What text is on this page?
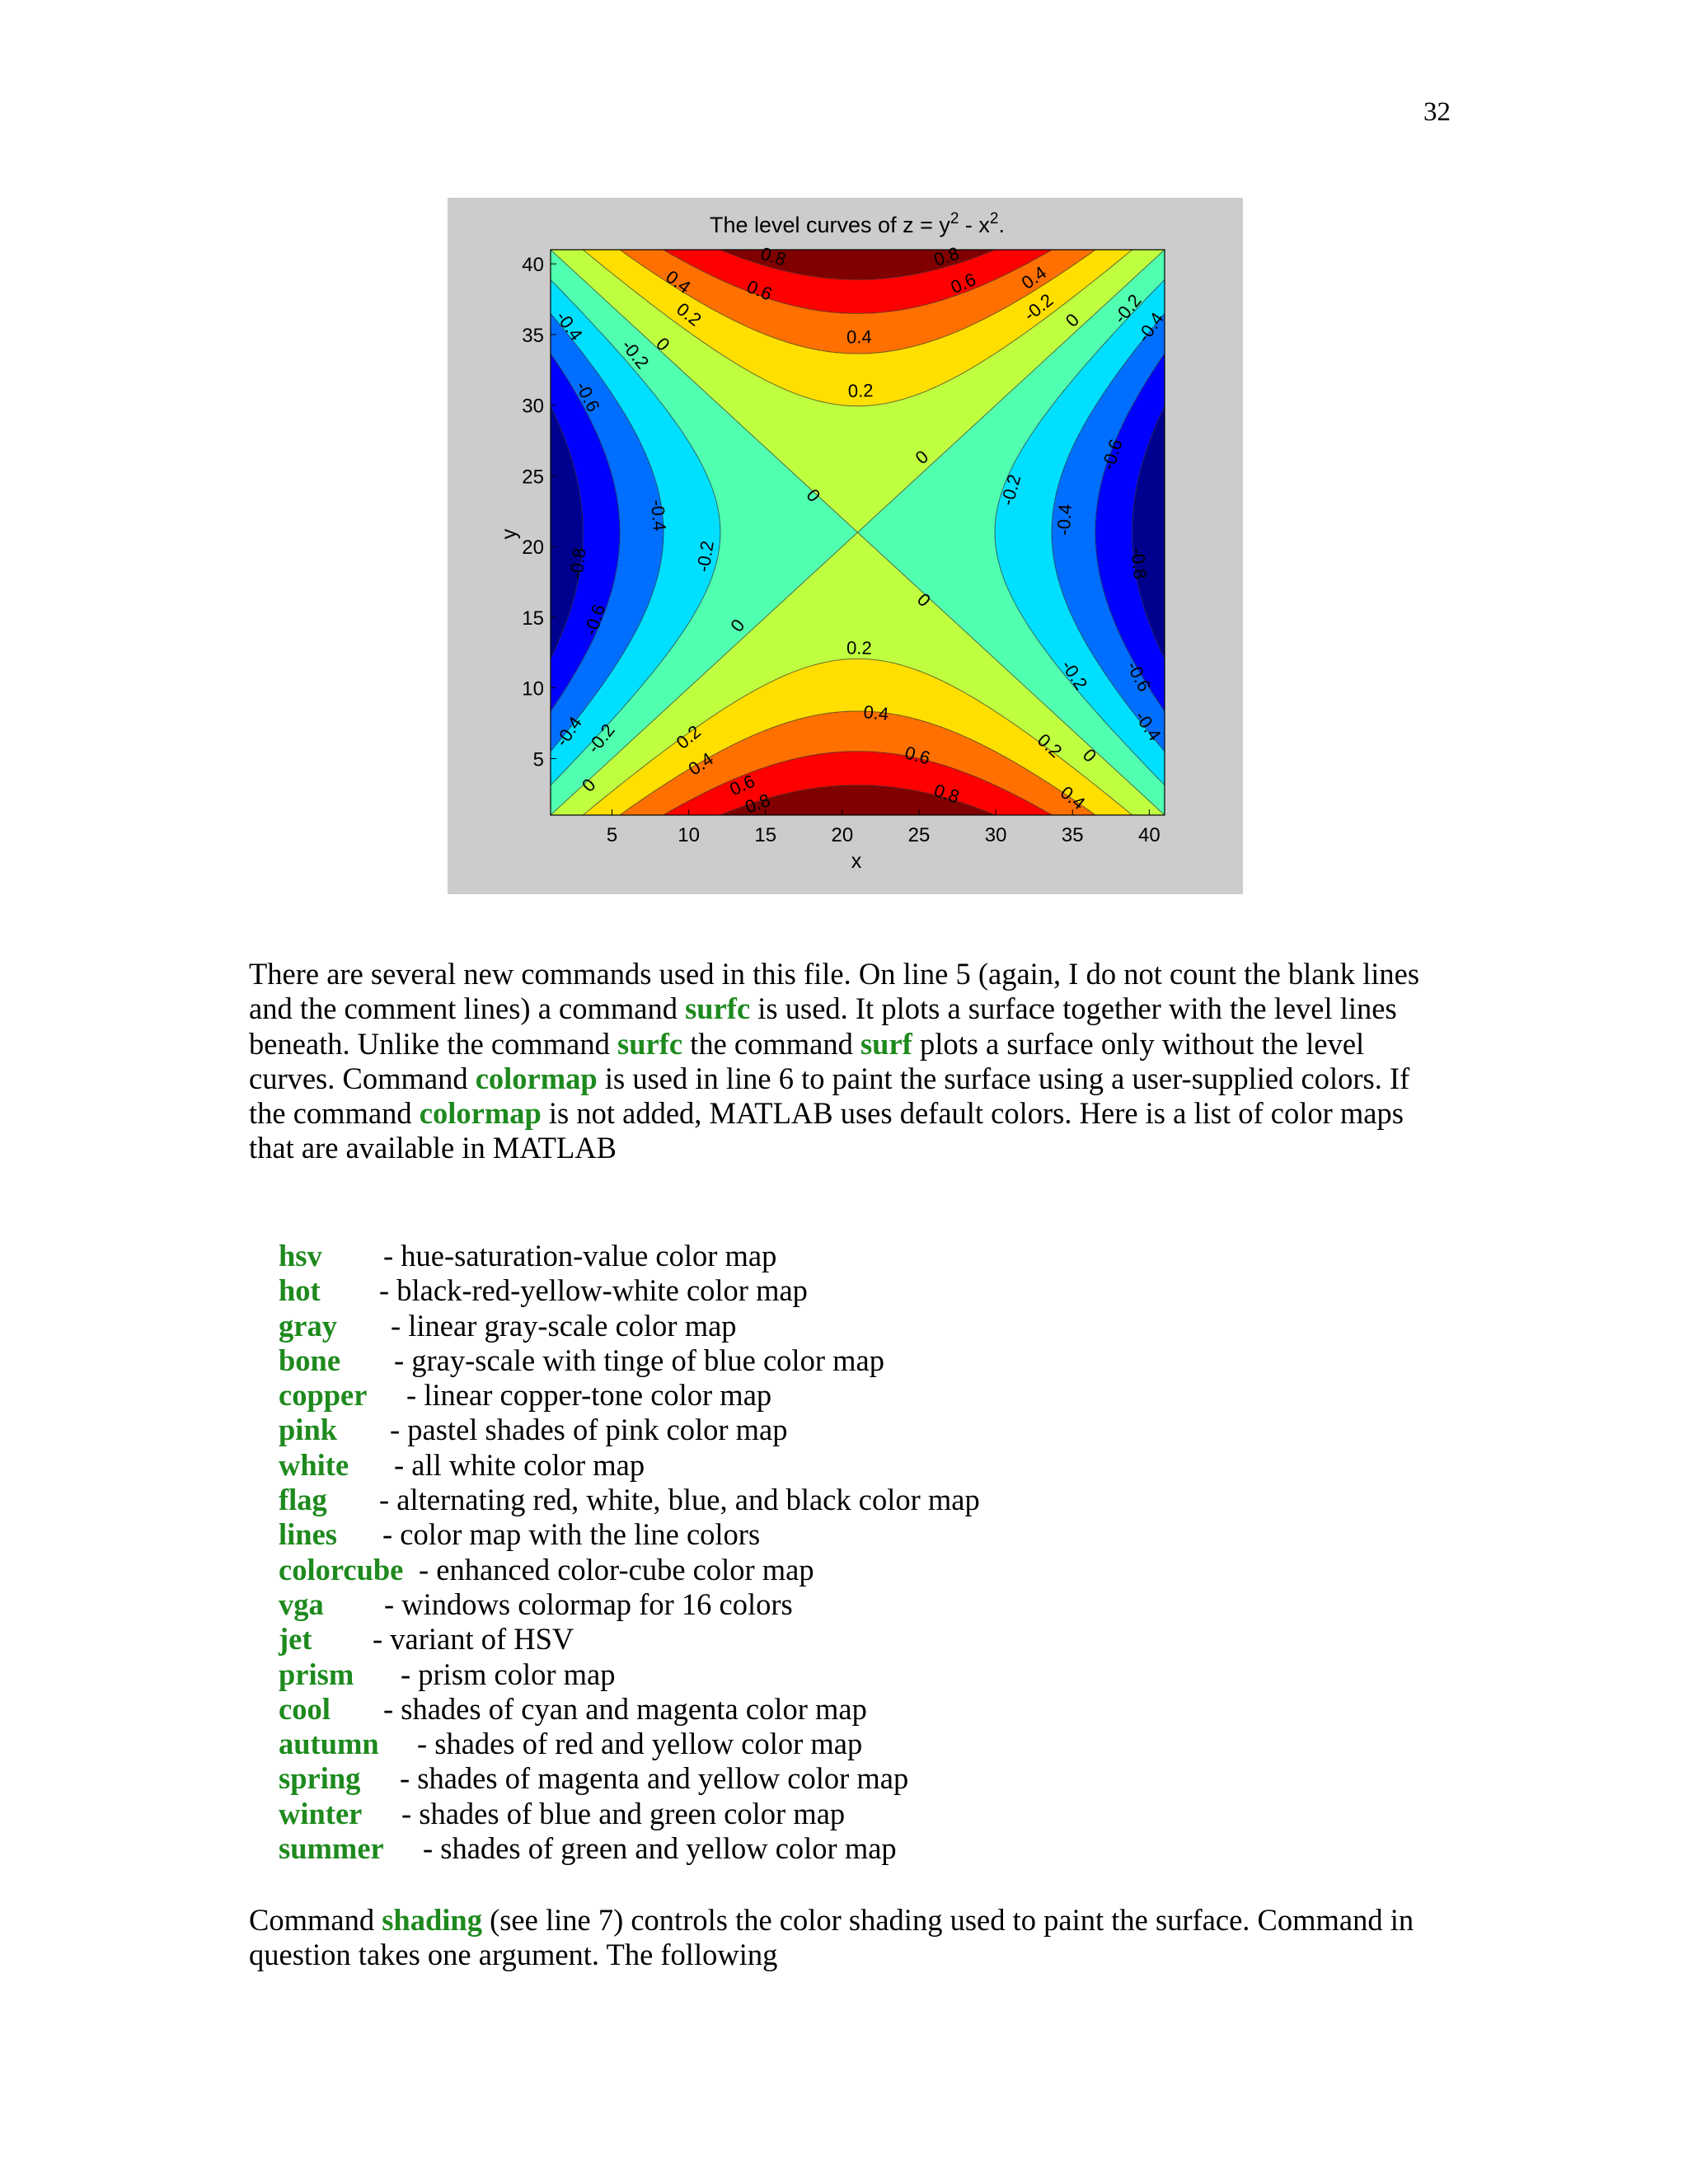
32
0.8	0.8
0.6	0.6
0.4	0.4
0.4
0.2
0.2
-0.2 0 -0.2
-0.4
-0.4
-0.2
0
-0.6
-0.6
0
0
-0.2
-0.4	-0.4
-0.8	-0.8
-0.2
0
-0.6	0
0.2
-0.2 -0.6
0.4	-0.4
-0.4
-0.2	0.2	0.2 0
0.6
0.4
0	0.6	0.8	0.4
0.8
5	10	15	20	25	30	35	40
5
10
15
20
25
30
35
40
The level curves of $z = y^2 - x^2$.
x
y

There are several new commands used in this file. On line 5 (again, I do not count the blank lines and the comment lines) a command surfc is used. It plots a surface together with the level lines beneath. Unlike the command surfc the command surf plots a surface only without the level curves. Command colormap is used in line 6 to paint the surface using a user-supplied colors. If the command colormap is not added, MATLAB uses default colors. Here is a list of color maps that are available in MATLAB

hsv - hue-saturation-value color map
hot - black-red-yellow-white color map
gray - linear gray-scale color map
bone - gray-scale with tinge of blue color map
copper - linear copper-tone color map
pink - pastel shades of pink color map
white - all white color map
flag - alternating red, white, blue, and black color map
lines - color map with the line colors
colorcube - enhanced color-cube color map
vga - windows colormap for 16 colors
jet - variant of HSV
prism - prism color map
cool - shades of cyan and magenta color map
autumn - shades of red and yellow color map
spring - shades of magenta and yellow color map
winter - shades of blue and green color map
summer - shades of green and yellow color map

Command shading (see line 7) controls the color shading used to paint the surface. Command in question takes one argument. The following
